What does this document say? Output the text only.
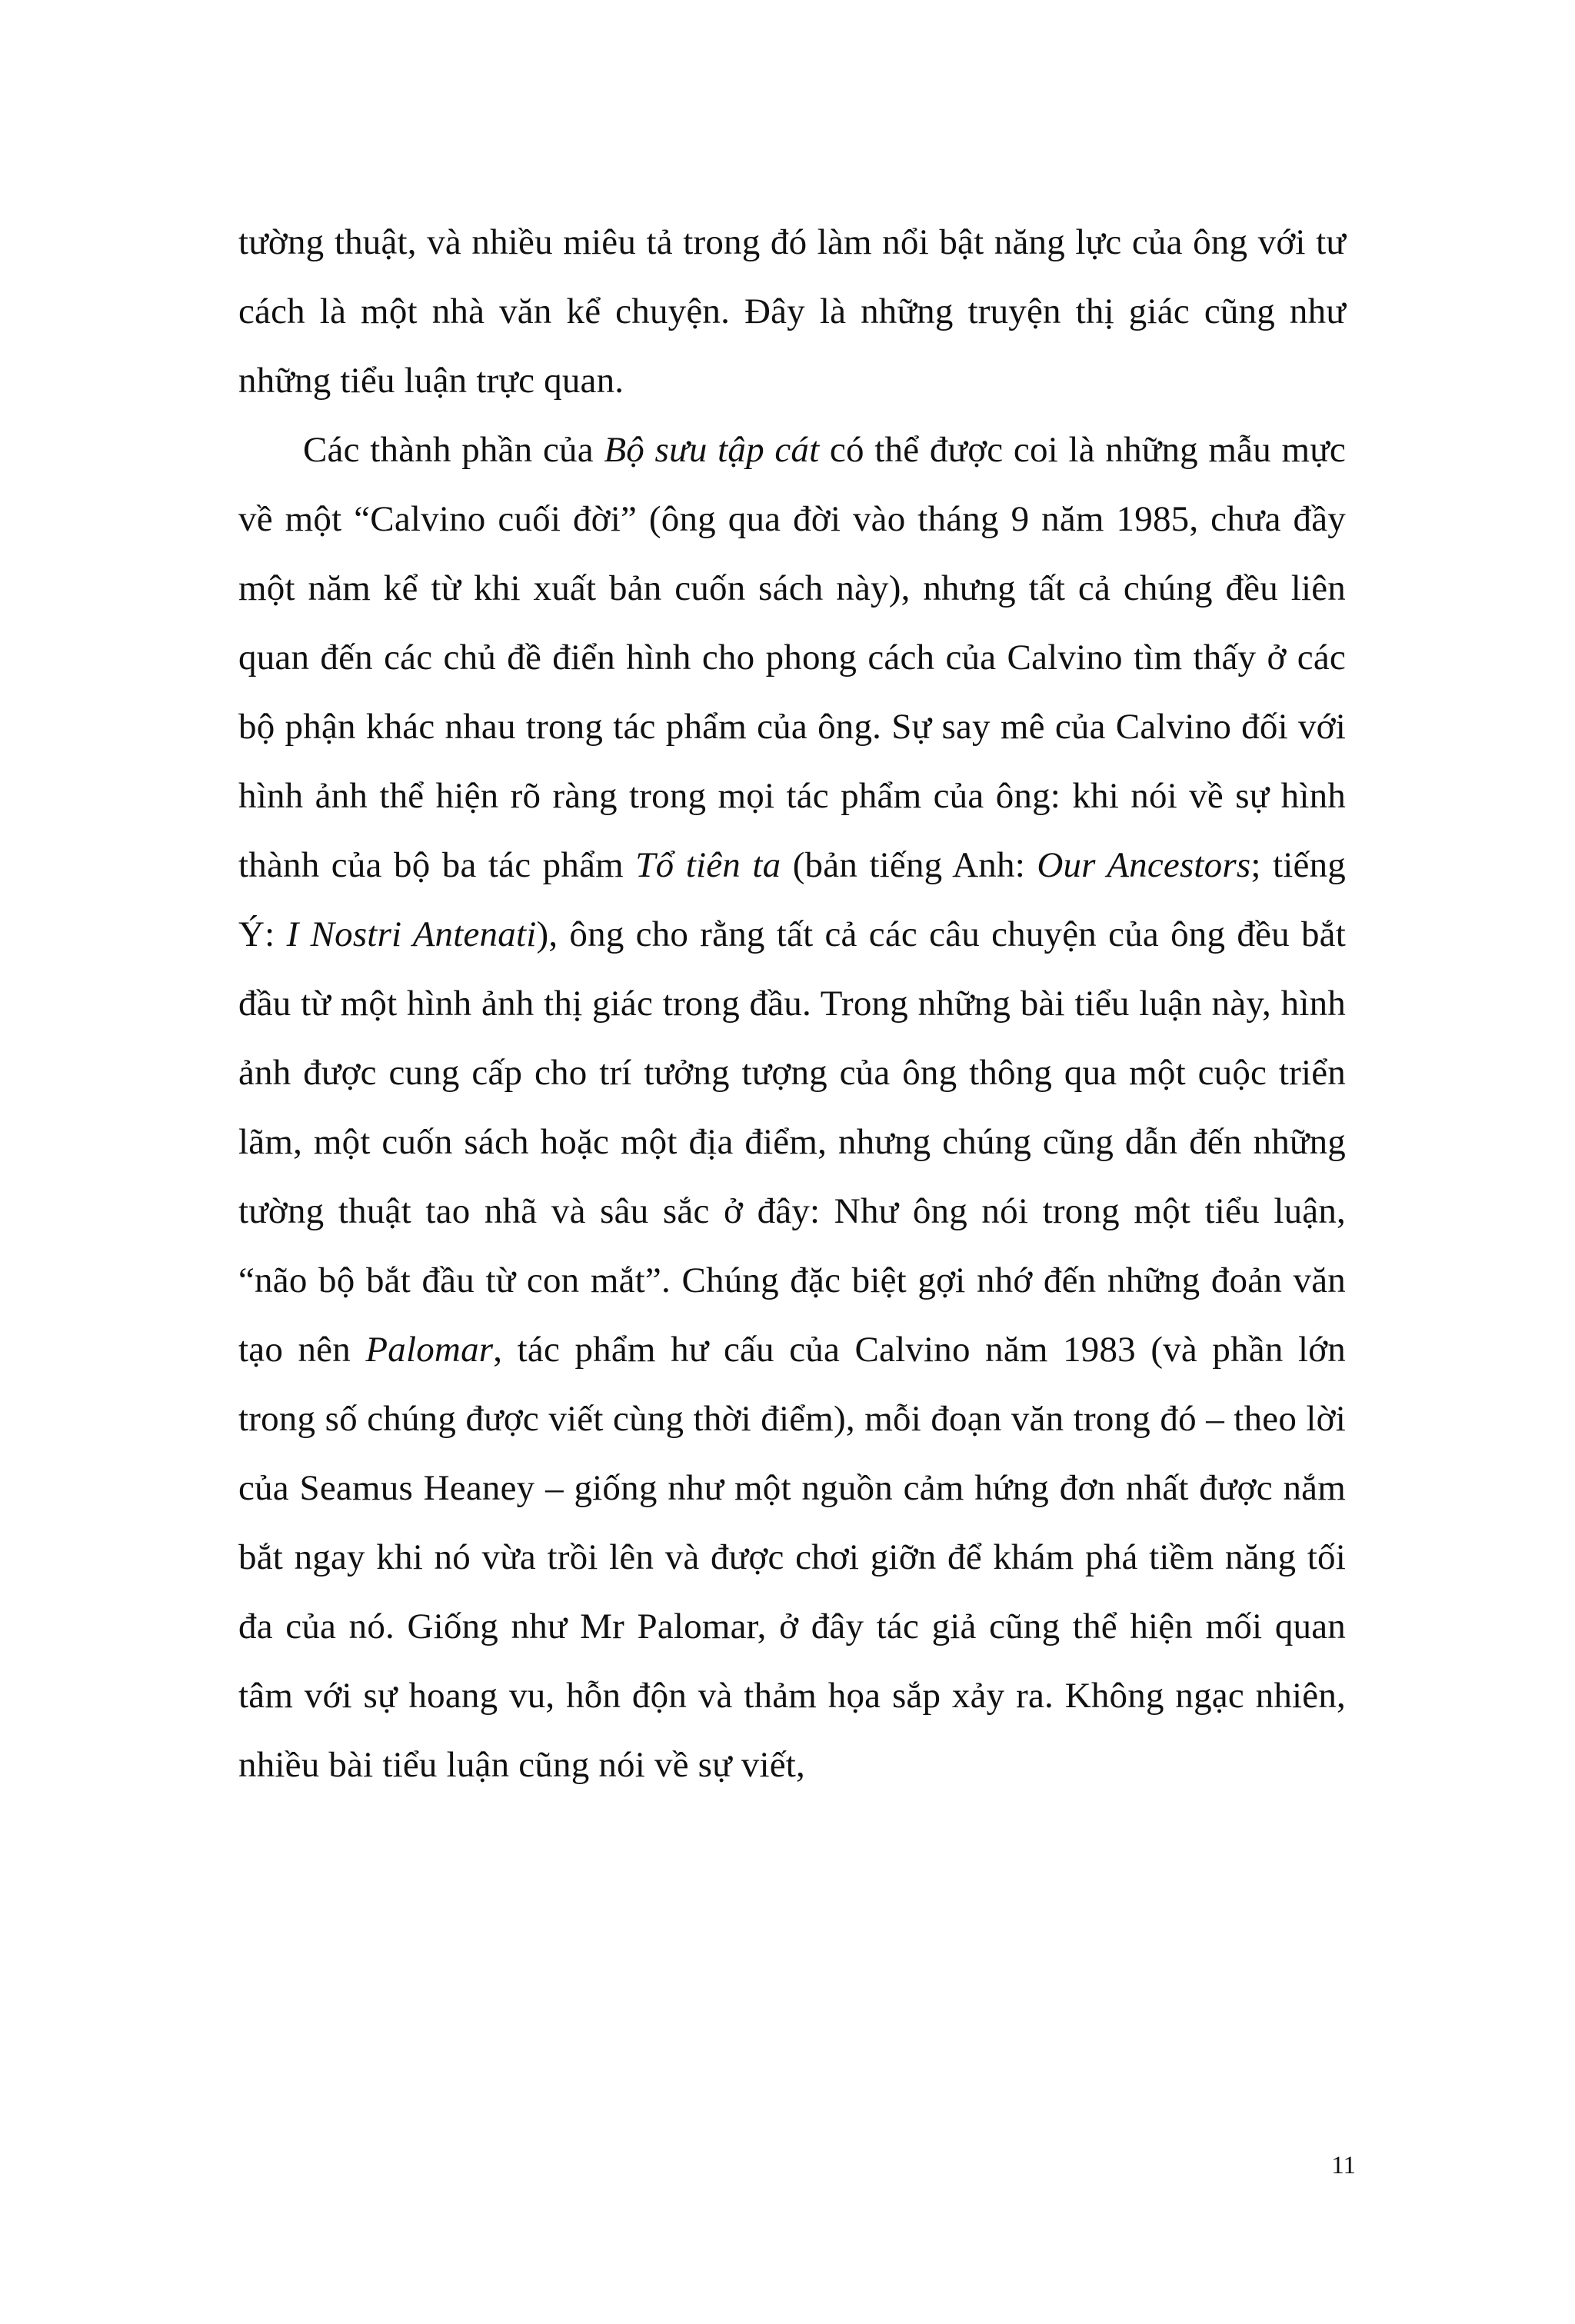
tường thuật, và nhiều miêu tả trong đó làm nổi bật năng lực của ông với tư cách là một nhà văn kể chuyện. Đây là những truyện thị giác cũng như những tiểu luận trực quan.

Các thành phần của Bộ sưu tập cát có thể được coi là những mẫu mực về một “Calvino cuối đời” (ông qua đời vào tháng 9 năm 1985, chưa đầy một năm kể từ khi xuất bản cuốn sách này), nhưng tất cả chúng đều liên quan đến các chủ đề điển hình cho phong cách của Calvino tìm thấy ở các bộ phận khác nhau trong tác phẩm của ông. Sự say mê của Calvino đối với hình ảnh thể hiện rõ ràng trong mọi tác phẩm của ông: khi nói về sự hình thành của bộ ba tác phẩm Tổ tiên ta (bản tiếng Anh: Our Ancestors; tiếng Ý: I Nostri Antenati), ông cho rằng tất cả các câu chuyện của ông đều bắt đầu từ một hình ảnh thị giác trong đầu. Trong những bài tiểu luận này, hình ảnh được cung cấp cho trí tưởng tượng của ông thông qua một cuộc triển lãm, một cuốn sách hoặc một địa điểm, nhưng chúng cũng dẫn đến những tường thuật tao nhã và sâu sắc ở đây: Như ông nói trong một tiểu luận, “não bộ bắt đầu từ con mắt”. Chúng đặc biệt gợi nhớ đến những đoản văn tạo nên Palomar, tác phẩm hư cấu của Calvino năm 1983 (và phần lớn trong số chúng được viết cùng thời điểm), mỗi đoạn văn trong đó – theo lời của Seamus Heaney – giống như một nguồn cảm hứng đơn nhất được nắm bắt ngay khi nó vừa trồi lên và được chơi giỡn để khám phá tiềm năng tối đa của nó. Giống như Mr Palomar, ở đây tác giả cũng thể hiện mối quan tâm với sự hoang vu, hỗn độn và thảm họa sắp xảy ra. Không ngạc nhiên, nhiều bài tiểu luận cũng nói về sự viết,

11
